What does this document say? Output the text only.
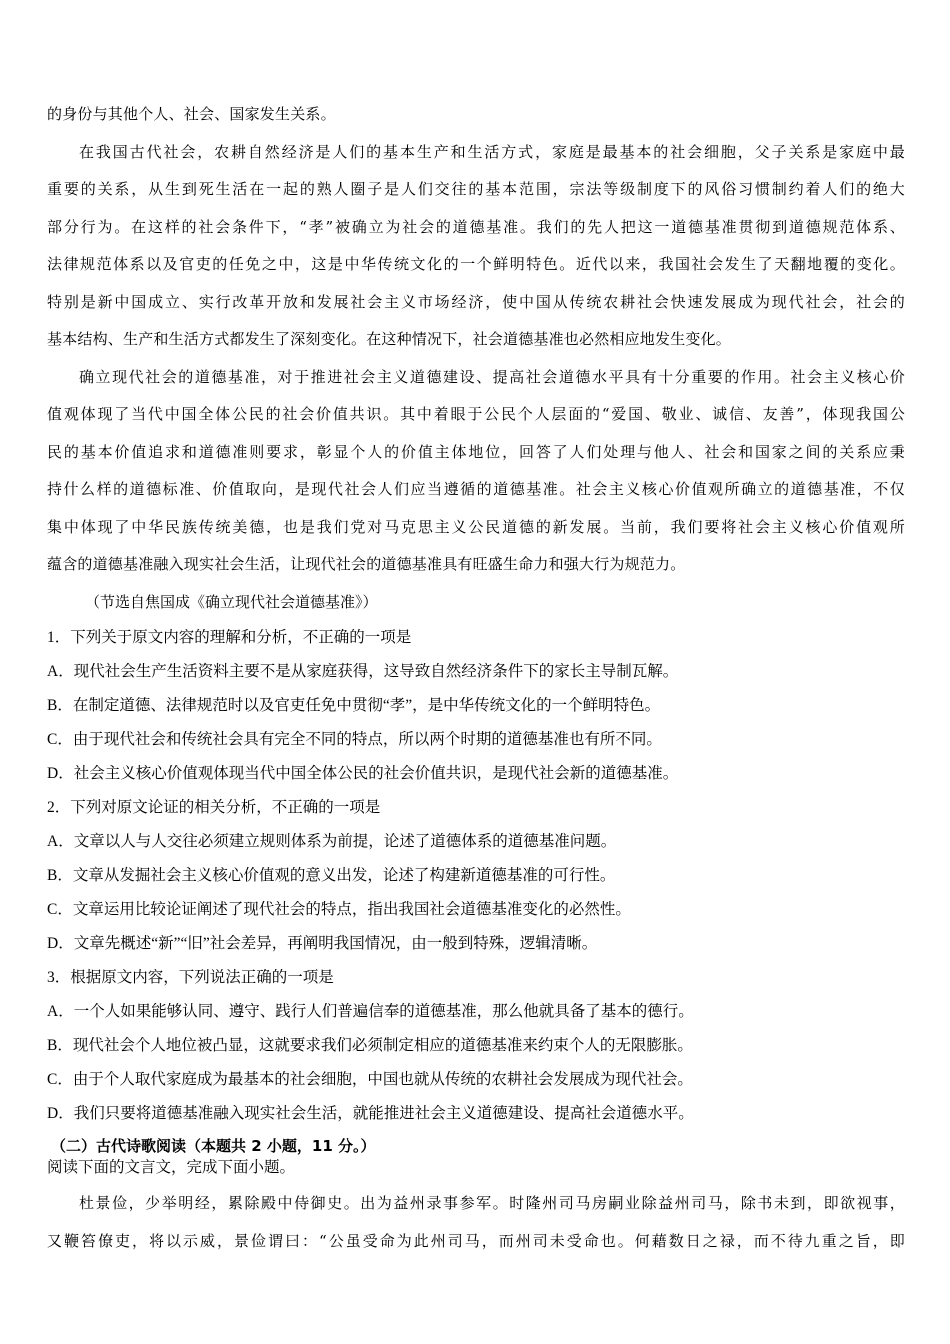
的身份与其他个人、社会、国家发生关系。

在我国古代社会，农耕自然经济是人们的基本生产和生活方式，家庭是最基本的社会细胞，父子关系是家庭中最
重要的关系，从生到死生活在一起的熟人圈子是人们交往的基本范围，宗法等级制度下的风俗习惯制约着人们的绝大
部分行为。在这样的社会条件下，“孝”被确立为社会的道德基准。我们的先人把这一道德基准贯彻到道德规范体系、
法律规范体系以及官吏的任免之中，这是中华传统文化的一个鲜明特色。近代以来，我国社会发生了天翻地覆的变化。
特别是新中国成立、实行改革开放和发展社会主义市场经济，使中国从传统农耕社会快速发展成为现代社会，社会的
基本结构、生产和生活方式都发生了深刻变化。在这种情况下，社会道德基准也必然相应地发生变化。

确立现代社会的道德基准，对于推进社会主义道德建设、提高社会道德水平具有十分重要的作用。社会主义核心价
值观体现了当代中国全体公民的社会价值共识。其中着眼于公民个人层面的“爱国、敬业、诚信、友善”，体现我国公
民的基本价值追求和道德准则要求，彰显个人的价值主体地位，回答了人们处理与他人、社会和国家之间的关系应秉
持什么样的道德标准、价值取向，是现代社会人们应当遵循的道德基准。社会主义核心价值观所确立的道德基准，不仅
集中体现了中华民族传统美德，也是我们党对马克思主义公民道德的新发展。当前，我们要将社会主义核心价值观所
蕴含的道德基准融入现实社会生活，让现代社会的道德基准具有旺盛生命力和强大行为规范力。

（节选自焦国成《确立现代社会道德基准》）

1．下列关于原文内容的理解和分析，不正确的一项是

A．现代社会生产生活资料主要不是从家庭获得，这导致自然经济条件下的家长主导制瓦解。

B．在制定道德、法律规范时以及官吏任免中贯彻“孝”，是中华传统文化的一个鲜明特色。

C．由于现代社会和传统社会具有完全不同的特点，所以两个时期的道德基准也有所不同。

D．社会主义核心价值观体现当代中国全体公民的社会价值共识，是现代社会新的道德基准。

2．下列对原文论证的相关分析，不正确的一项是

A．文章以人与人交往必须建立规则体系为前提，论述了道德体系的道德基准问题。

B．文章从发掘社会主义核心价值观的意义出发，论述了构建新道德基准的可行性。

C．文章运用比较论证阐述了现代社会的特点，指出我国社会道德基准变化的必然性。

D．文章先概述“新”“旧”社会差异，再阐明我国情况，由一般到特殊，逻辑清晰。

3．根据原文内容，下列说法正确的一项是

A．一个人如果能够认同、遵守、践行人们普遍信奉的道德基准，那么他就具备了基本的德行。

B．现代社会个人地位被凸显，这就要求我们必须制定相应的道德基准来约束个人的无限膨胀。

C．由于个人取代家庭成为最基本的社会细胞，中国也就从传统的农耕社会发展成为现代社会。

D．我们只要将道德基准融入现实社会生活，就能推进社会主义道德建设、提高社会道德水平。

（二）古代诗歌阅读（本题共 2 小题，11 分。）

阅读下面的文言文，完成下面小题。

杜景俭，少举明经，累除殿中侍御史。出为益州录事参军。时隆州司马房嗣业除益州司马，除书未到，即欲视事，
又鞭笞僚吏，将以示威，景俭谓曰：“公虽受命为此州司马，而州司未受命也。何藉数日之禄，而不待九重之旨，即
